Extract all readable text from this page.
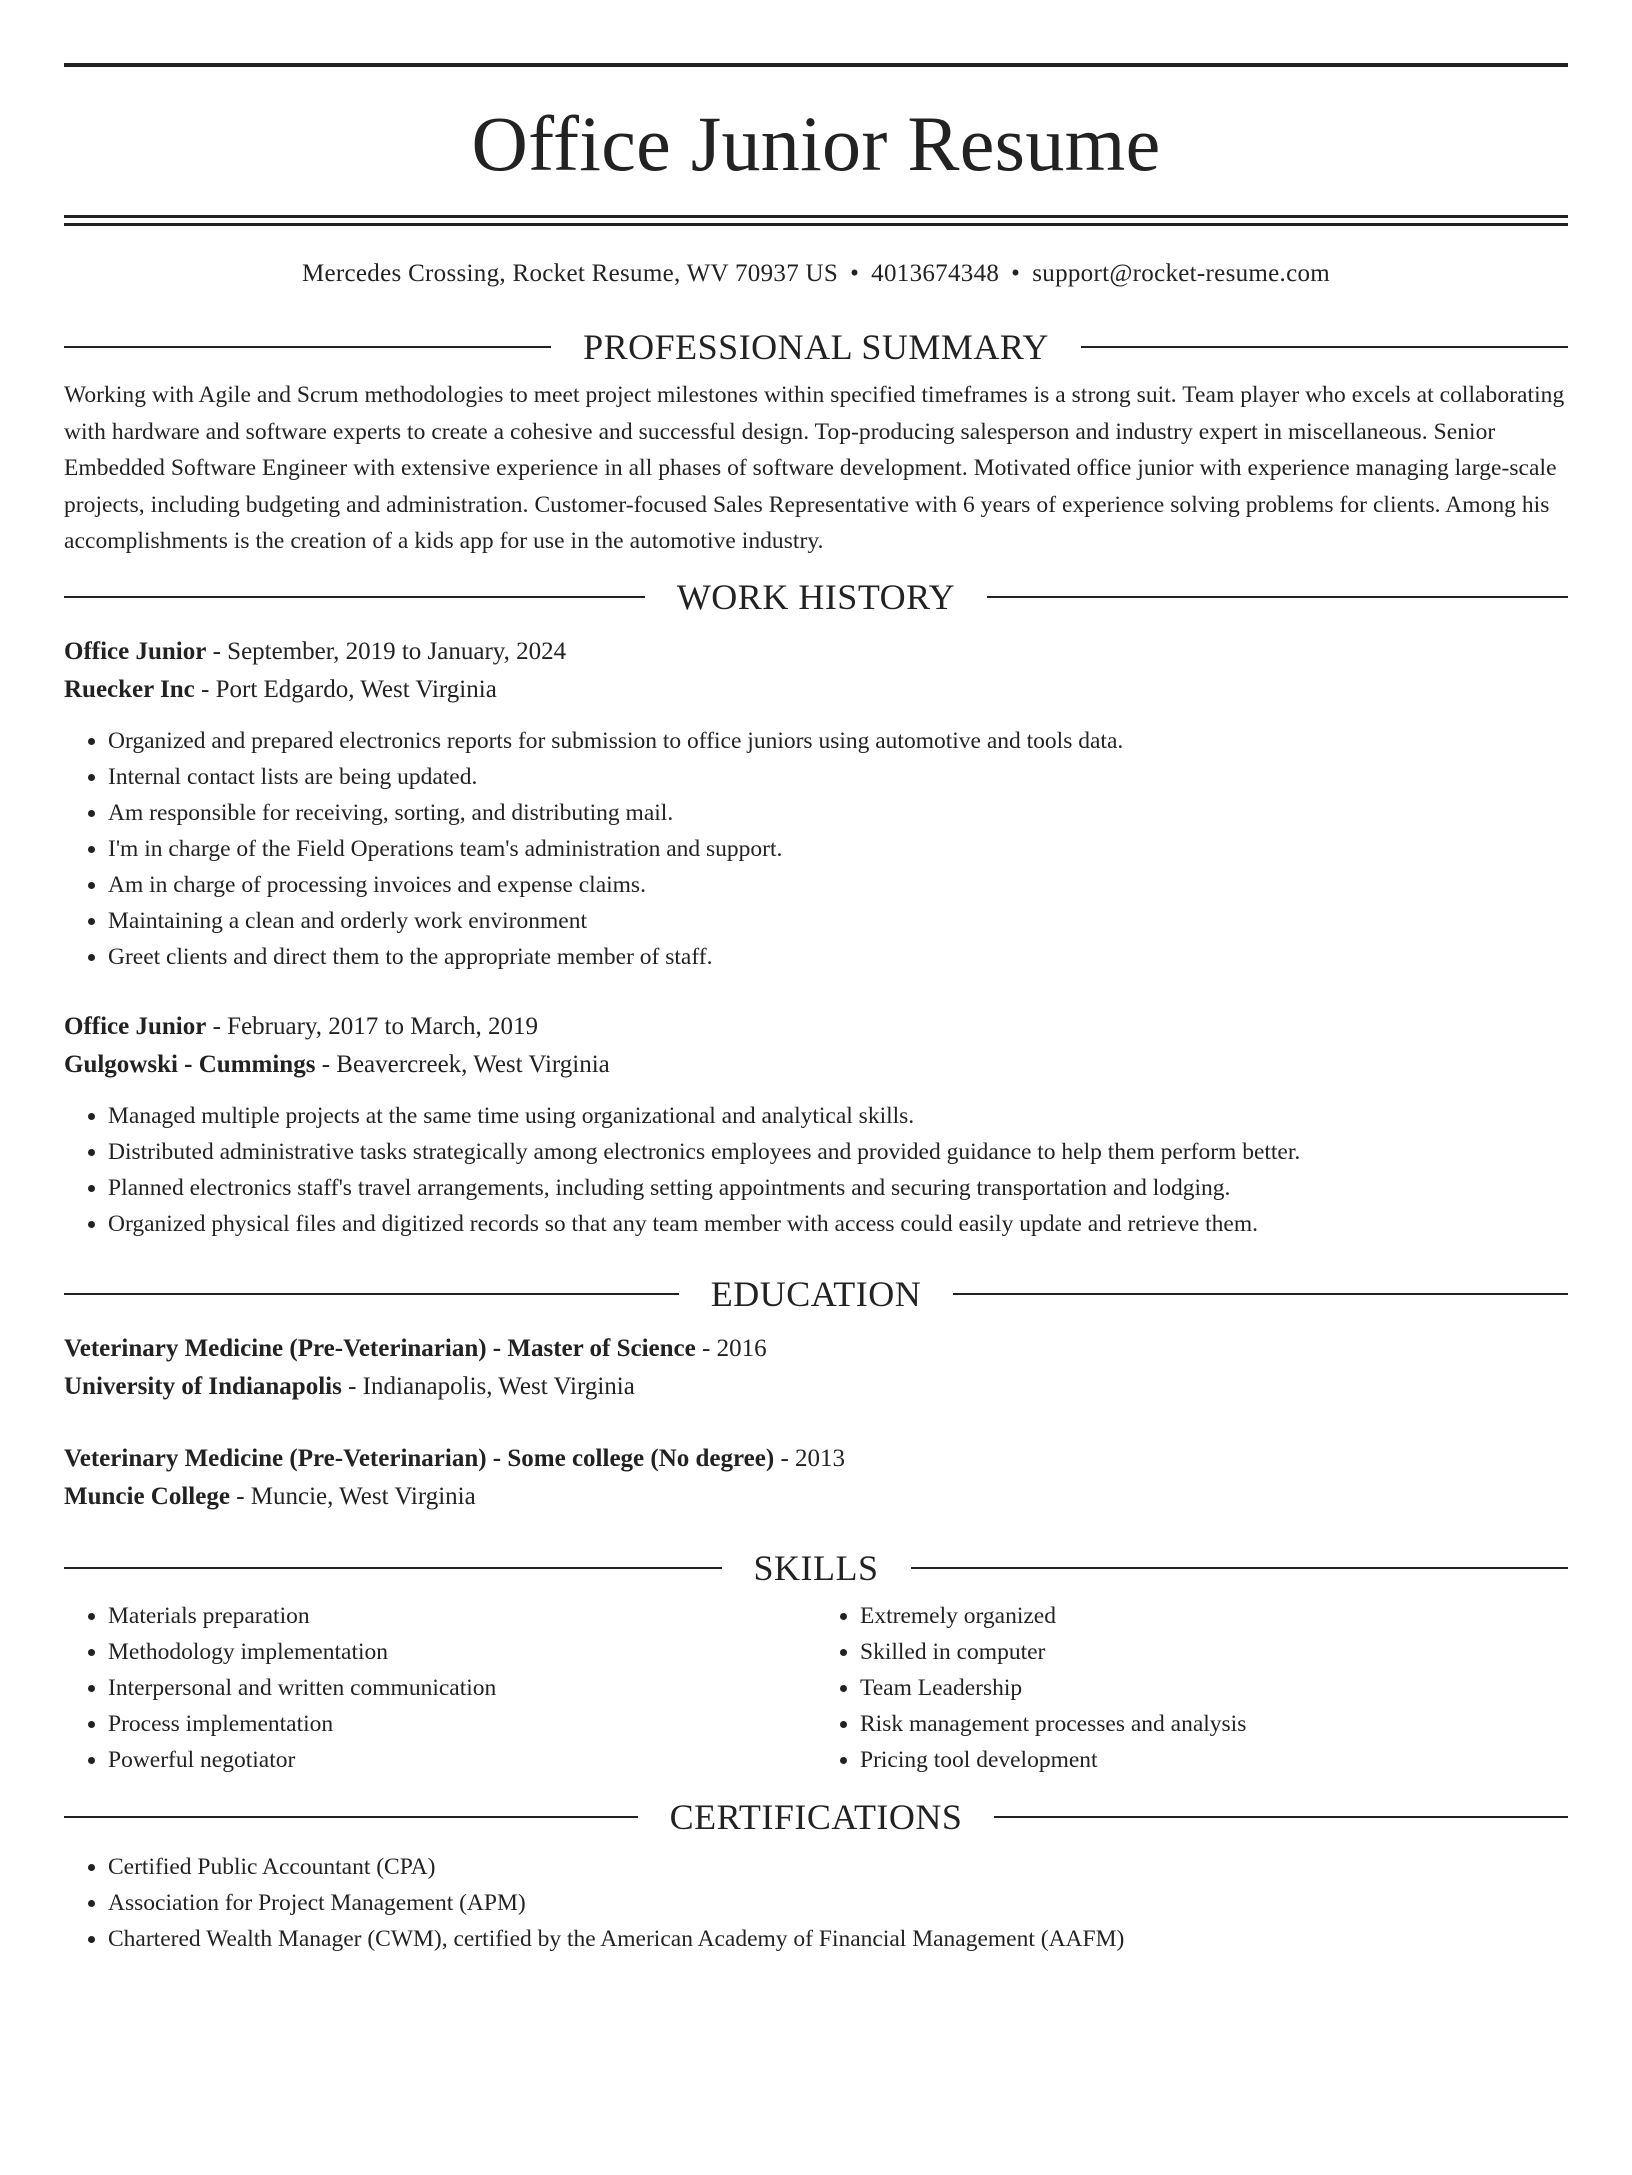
Office Junior Resume
Mercedes Crossing, Rocket Resume, WV 70937 US • 4013674348 • support@rocket-resume.com
PROFESSIONAL SUMMARY

Working with Agile and Scrum methodologies to meet project milestones within specified timeframes is a strong suit. Team player who excels at collaborating with hardware and software experts to create a cohesive and successful design. Top-producing salesperson and industry expert in miscellaneous. Senior Embedded Software Engineer with extensive experience in all phases of software development. Motivated office junior with experience managing large-scale projects, including budgeting and administration. Customer-focused Sales Representative with 6 years of experience solving problems for clients. Among his accomplishments is the creation of a kids app for use in the automotive industry.

WORK HISTORY

Office Junior - September, 2019 to January, 2024

Ruecker Inc - Port Edgardo, West Virginia

• Organized and prepared electronics reports for submission to office juniors using automotive and tools data.
• Internal contact lists are being updated.
• Am responsible for receiving, sorting, and distributing mail.
• I'm in charge of the Field Operations team's administration and support.
• Am in charge of processing invoices and expense claims.
• Maintaining a clean and orderly work environment
• Greet clients and direct them to the appropriate member of staff.

Office Junior - February, 2017 to March, 2019

Gulgowski - Cummings - Beavercreek, West Virginia

• Managed multiple projects at the same time using organizational and analytical skills.
• Distributed administrative tasks strategically among electronics employees and provided guidance to help them perform better.
• Planned electronics staff's travel arrangements, including setting appointments and securing transportation and lodging.
• Organized physical files and digitized records so that any team member with access could easily update and retrieve them.
EDUCATION

Veterinary Medicine (Pre-Veterinarian) - Master of Science - 2016

University of Indianapolis - Indianapolis, West Virginia

Veterinary Medicine (Pre-Veterinarian) - Some college (No degree) - 2013

Muncie College - Muncie, West Virginia

SKILLS
• Materials preparation
• Methodology implementation
• Interpersonal and written communication
• Process implementation
• Powerful negotiator
• Extremely organized
• Skilled in computer
• Team Leadership
• Risk management processes and analysis
• Pricing tool development
CERTIFICATIONS
• Certified Public Accountant (CPA)
• Association for Project Management (APM)
• Chartered Wealth Manager (CWM), certified by the American Academy of Financial Management (AAFM)
